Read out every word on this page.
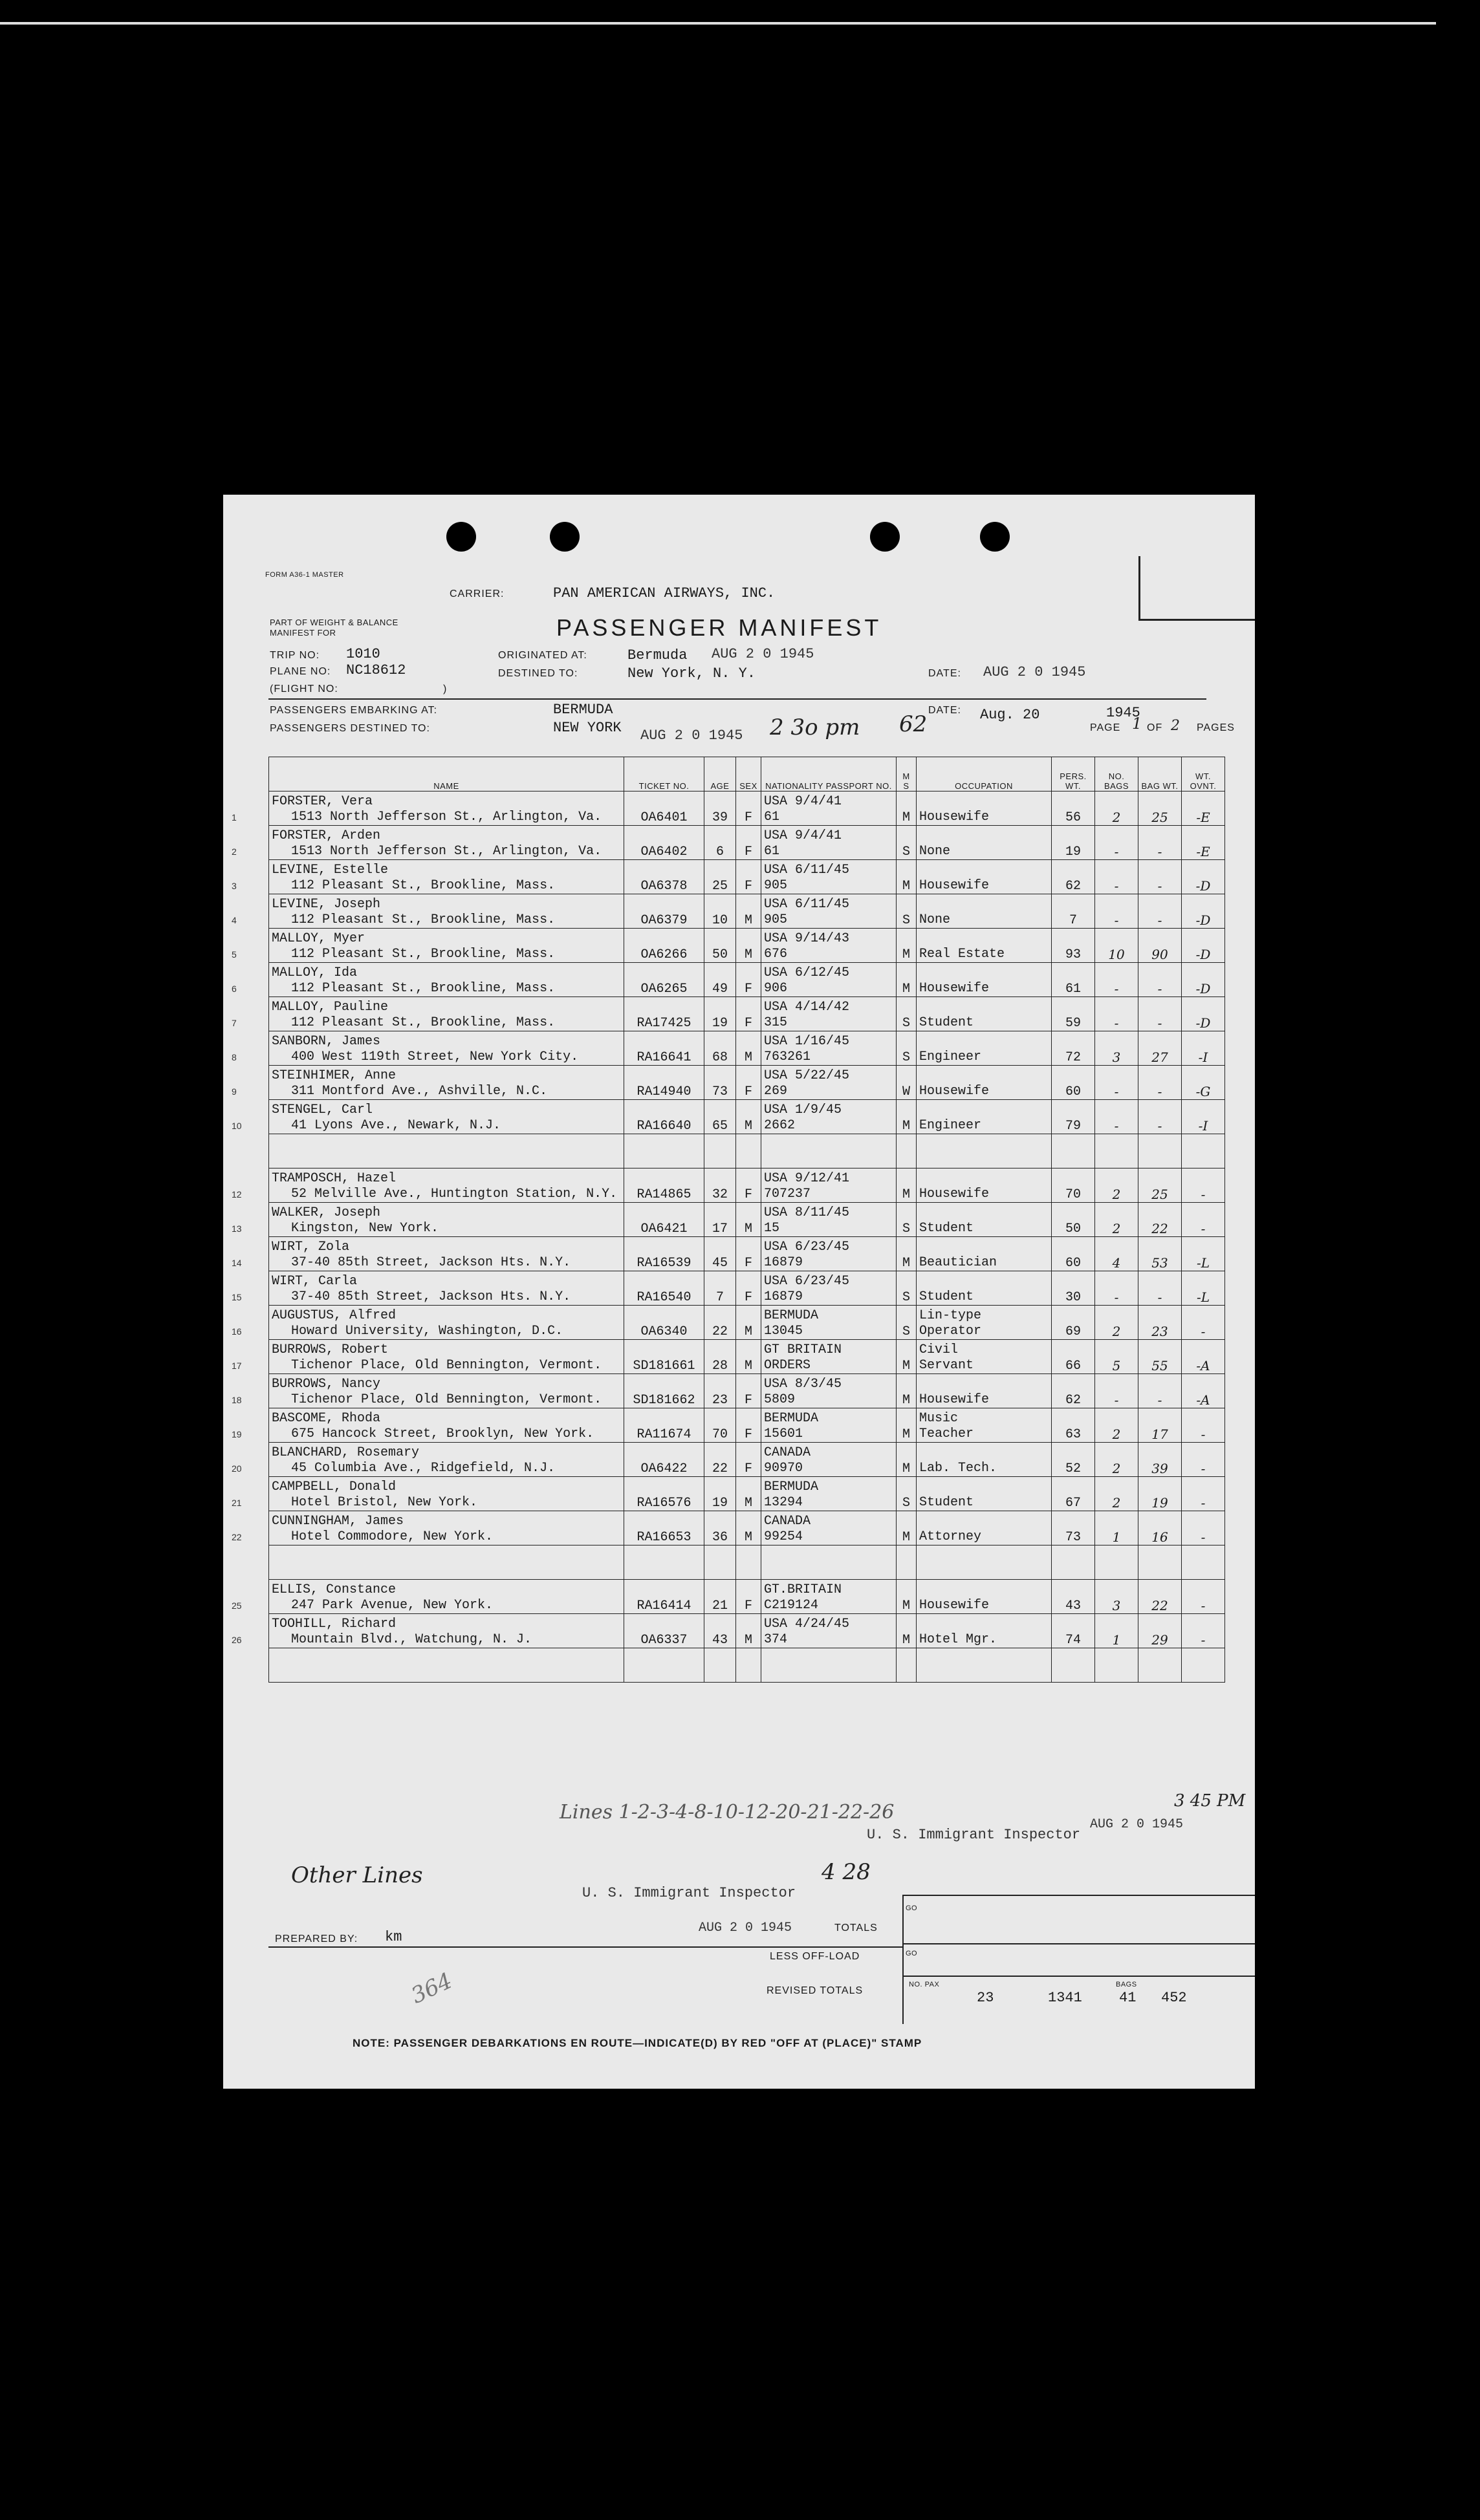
FORM A36-1 MASTER
CARRIER:	PAN AMERICAN AIRWAYS, INC.
PASSENGER MANIFEST
PART OF WEIGHT & BALANCE MANIFEST FOR
TRIP NO: 1010
PLANE NO: NC18612
(FLIGHT NO:	)
ORIGINATED AT:	Bermuda AUG 2 0 1945
DESTINED TO:	New York, N. Y.	DATE: AUG 2 0 1945
PASSENGERS EMBARKING AT:	BERMUDA
PASSENGERS DESTINED TO:	NEW YORK AUG 2 0 1945 2 3o pm 62
DATE: Aug. 20	1945
PAGE 1 OF 2 PAGES
NAME	TICKET NO.	AGE	SEX	NATIONALITY PASSPORT NO.	M S	OCCUPATION	PERS. WT.	NO. BAGS	BAG WT.	WT. OVNT.

1
FORSTER, Vera
1513 North Jefferson St., Arlington, Va.	OA6401	39	F	USA 9/4/41
61	M	Housewife	56	2	25	-E

2
FORSTER, Arden
1513 North Jefferson St., Arlington, Va.	OA6402	6	F	USA 9/4/41
61	S	None	19	-	-	-E

3
LEVINE, Estelle
112 Pleasant St., Brookline, Mass.	OA6378	25	F	USA 6/11/45
905	M	Housewife	62	-	-	-D

4
LEVINE, Joseph
112 Pleasant St., Brookline, Mass.	OA6379	10	M	USA 6/11/45
905	S	None	7	-	-	-D

5
MALLOY, Myer
112 Pleasant St., Brookline, Mass.	OA6266	50	M	USA 9/14/43
676	M	Real Estate	93	10	90	-D

6
MALLOY, Ida
112 Pleasant St., Brookline, Mass.	OA6265	49	F	USA 6/12/45
906	M	Housewife	61	-	-	-D

7
MALLOY, Pauline
112 Pleasant St., Brookline, Mass.	RA17425	19	F	USA 4/14/42
315	S	Student	59	-	-	-D

8
SANBORN, James
400 West 119th Street, New York City.	RA16641	68	M	USA 1/16/45
763261	S	Engineer	72	3	27	-I

9
STEINHIMER, Anne
311 Montford Ave., Ashville, N.C.	RA14940	73	F	USA 5/22/45
269	W	Housewife	60	-	-	-G

10
STENGEL, Carl
41 Lyons Ave., Newark, N.J.	RA16640	65	M	USA 1/9/45
2662	M	Engineer	79	-	-	-I

12
TRAMPOSCH, Hazel
52 Melville Ave., Huntington Station, N.Y.	RA14865	32	F	USA 9/12/41
707237	M	Housewife	70	2	25	-

13
WALKER, Joseph
Kingston, New York.	OA6421	17	M	USA 8/11/45
15	S	Student	50	2	22	-

14
WIRT, Zola
37-40 85th Street, Jackson Hts. N.Y.	RA16539	45	F	USA 6/23/45
16879	M	Beautician	60	4	53	-L

15
WIRT, Carla
37-40 85th Street, Jackson Hts. N.Y.	RA16540	7	F	USA 6/23/45
16879	S	Student	30	-	-	-L

16
AUGUSTUS, Alfred
Howard University, Washington, D.C.	OA6340	22	M	BERMUDA
13045	S	Lin-type
Operator	69	2	23	-

17
BURROWS, Robert
Tichenor Place, Old Bennington, Vermont.	SD181661	28	M	GT BRITAIN
ORDERS	M	Civil
Servant	66	5	55	-A

18
BURROWS, Nancy
Tichenor Place, Old Bennington, Vermont.	SD181662	23	F	USA 8/3/45
5809	M	Housewife	62	-	-	-A

19
BASCOME, Rhoda
675 Hancock Street, Brooklyn, New York.	RA11674	70	F	BERMUDA
15601	M	Music
Teacher	63	2	17	-

20
BLANCHARD, Rosemary
45 Columbia Ave., Ridgefield, N.J.	OA6422	22	F	CANADA
90970	M	Lab. Tech.	52	2	39	-

21
CAMPBELL, Donald
Hotel Bristol, New York.	RA16576	19	M	BERMUDA
13294	S	Student	67	2	19	-

22
CUNNINGHAM, James
Hotel Commodore, New York.	RA16653	36	M	CANADA
99254	M	Attorney	73	1	16	-

25
ELLIS, Constance
247 Park Avenue, New York.	RA16414	21	F	GT.BRITAIN
C219124	M	Housewife	43	3	22	-

26
TOOHILL, Richard
Mountain Blvd., Watchung, N. J.	OA6337	43	M	USA 4/24/45
374	M	Hotel Mgr.	74	1	29	-

Lines 1-2-3-4-8-10-12-20-21-22-26
U. S. Immigrant Inspector
AUG 2 0 1945
3 45 PM
Other Lines	4 28
U. S. Immigrant Inspector
AUG 2 0 1945
GO
GO
PREPARED BY: km
TOTALS
LESS OFF-LOAD
REVISED TOTALS
NO. PAX
23	1341
BAGS
41 452
364
NOTE: PASSENGER DEBARKATIONS EN ROUTE—INDICATE(D) BY RED "OFF AT (PLACE)" STAMP
